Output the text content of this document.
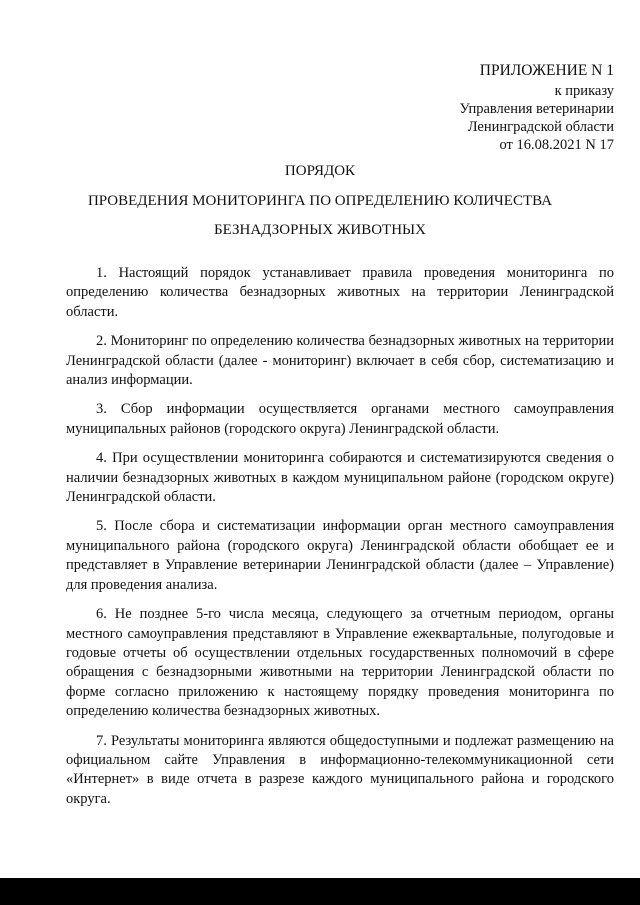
ПРИЛОЖЕНИЕ N 1
к приказу
Управления ветеринарии
Ленинградской области
от 16.08.2021 N 17
ПОРЯДОК
ПРОВЕДЕНИЯ МОНИТОРИНГА ПО ОПРЕДЕЛЕНИЮ КОЛИЧЕСТВА
БЕЗНАДЗОРНЫХ ЖИВОТНЫХ

1. Настоящий порядок устанавливает правила проведения мониторинга по определению количества безнадзорных животных на территории Ленинградской области.

2. Мониторинг по определению количества безнадзорных животных на территории Ленинградской области (далее - мониторинг) включает в себя сбор, систематизацию и анализ информации.

3. Сбор информации осуществляется органами местного самоуправления муниципальных районов (городского округа) Ленинградской области.

4. При осуществлении мониторинга собираются и систематизируются сведения о наличии безнадзорных животных в каждом муниципальном районе (городском округе) Ленинградской области.

5. После сбора и систематизации информации орган местного самоуправления муниципального района (городского округа) Ленинградской области обобщает ее и представляет в Управление ветеринарии Ленинградской области (далее – Управление) для проведения анализа.

6. Не позднее 5-го числа месяца, следующего за отчетным периодом, органы местного самоуправления представляют в Управление ежеквартальные, полугодовые и годовые отчеты об осуществлении отдельных государственных полномочий в сфере обращения с безнадзорными животными на территории Ленинградской области по форме согласно приложению к настоящему порядку проведения мониторинга по определению количества безнадзорных животных.

7. Результаты мониторинга являются общедоступными и подлежат размещению на официальном сайте Управления в информационно-телекоммуникационной сети «Интернет» в виде отчета в разрезе каждого муниципального района и городского округа.
